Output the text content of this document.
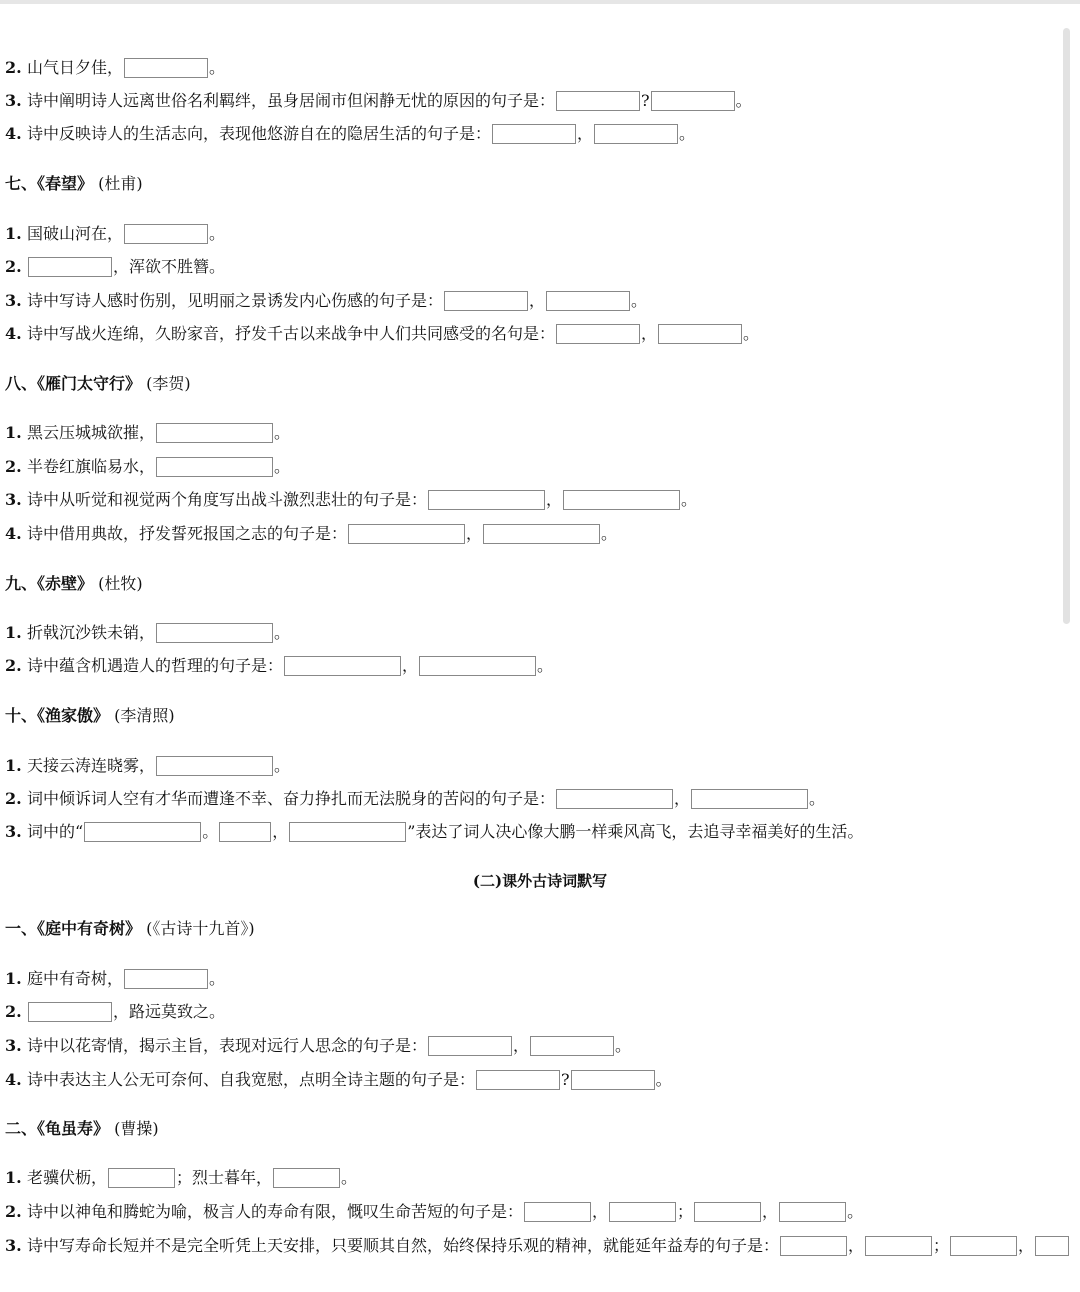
2. 山气日夕佳，	。
3. 诗中阐明诗人远离世俗名利羁绊，虽身居闹市但闲静无忧的原因的句子是：	?	。
4. 诗中反映诗人的生活志向，表现他悠游自在的隐居生活的句子是：	，	。
七、《春望》 (杜甫)
1. 国破山河在，	。
2.	，浑欲不胜簪。
3. 诗中写诗人感时伤别，见明丽之景诱发内心伤感的句子是：	，	。
4. 诗中写战火连绵，久盼家音，抒发千古以来战争中人们共同感受的名句是：	，	。
八、《雁门太守行》 (李贺)
1. 黑云压城城欲摧，	。
2. 半卷红旗临易水，	。
3. 诗中从听觉和视觉两个角度写出战斗激烈悲壮的句子是：	，	。
4. 诗中借用典故，抒发誓死报国之志的句子是：	，	。
九、《赤壁》 (杜牧)
1. 折戟沉沙铁未销，	。
2. 诗中蕴含机遇造人的哲理的句子是：	，	。
十、《渔家傲》 (李清照)
1. 天接云涛连晓雾，	。
2. 词中倾诉词人空有才华而遭逢不幸、奋力挣扎而无法脱身的苦闷的句子是：	，	。
3. 词中的“	。	，	”表达了词人决心像大鹏一样乘风高飞，去追寻幸福美好的生活。
(二)课外古诗词默写
一、《庭中有奇树》 (《古诗十九首》)
1. 庭中有奇树，	。
2.	，路远莫致之。
3. 诗中以花寄情，揭示主旨，表现对远行人思念的句子是：	，	。
4. 诗中表达主人公无可奈何、自我宽慰，点明全诗主题的句子是：	?	。
二、《龟虽寿》 (曹操)
1. 老骥伏枥，	；烈士暮年，	。
2. 诗中以神龟和腾蛇为喻，极言人的寿命有限，慨叹生命苦短的句子是：	，	；	，	。
3. 诗中写寿命长短并不是完全听凭上天安排，只要顺其自然，始终保持乐观的精神，就能延年益寿的句子是：	，	；	，
